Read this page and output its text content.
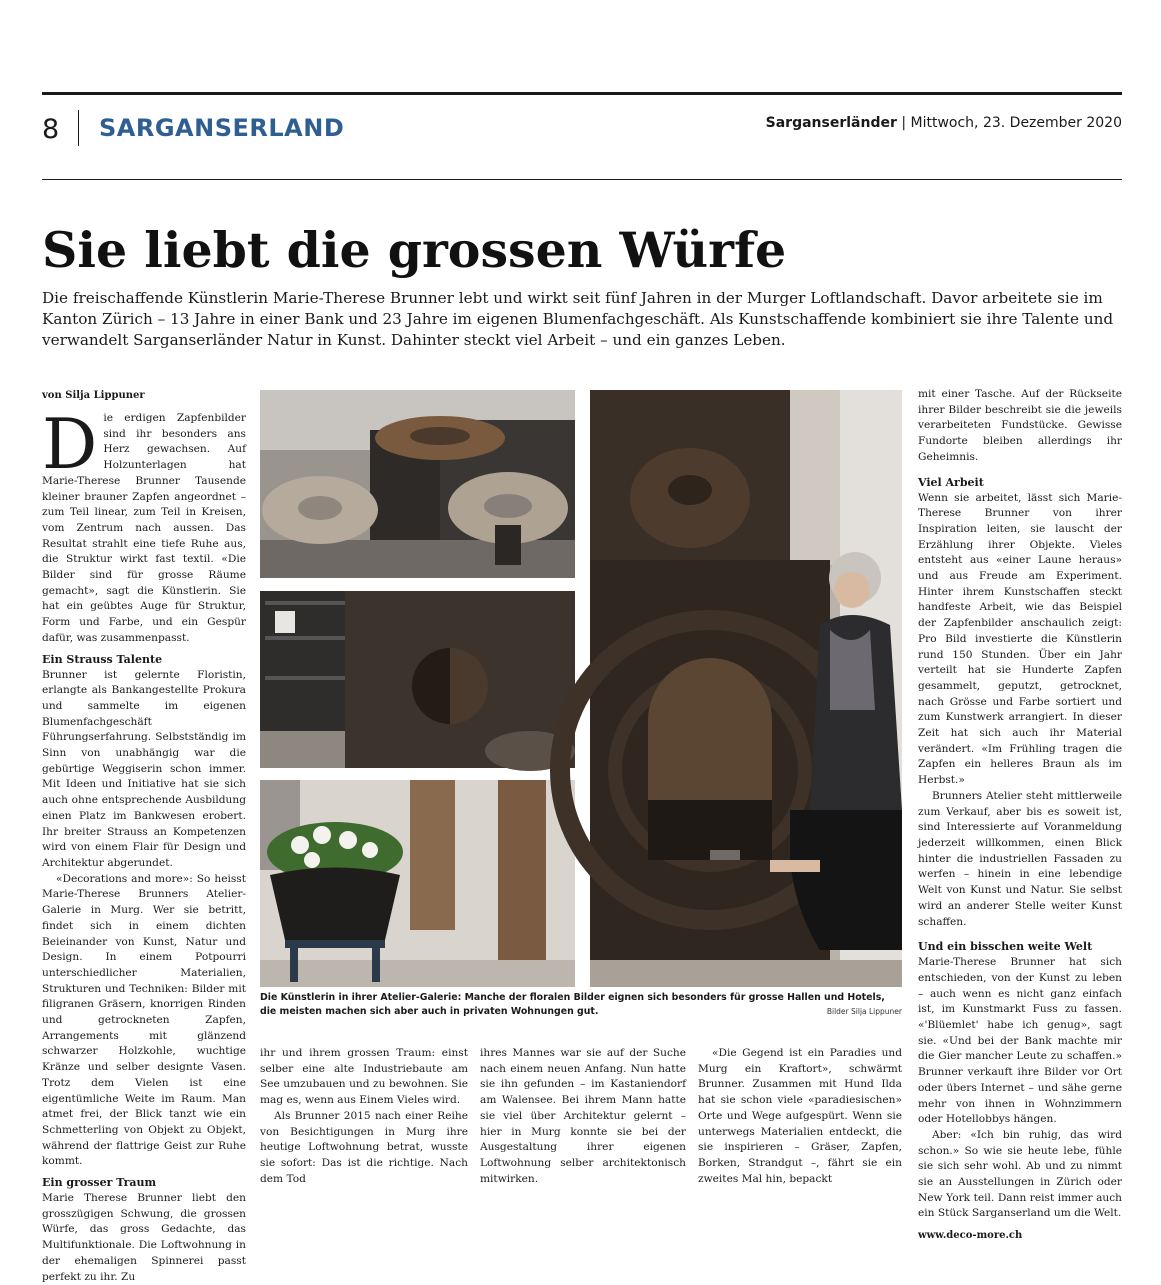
8 SARGANSERLAND	Sarganserländer | Mittwoch, 23. Dezember 2020
Sie liebt die grossen Würfe
Die freischaffende Künstlerin Marie-Therese Brunner lebt und wirkt seit fünf Jahren in der Murger Loftlandschaft. Davor arbeitete sie im Kanton Zürich – 13 Jahre in einer Bank und 23 Jahre im eigenen Blumenfachgeschäft. Als Kunstschaffende kombiniert sie ihre Talente und verwandelt Sarganserländer Natur in Kunst. Dahinter steckt viel Arbeit – und ein ganzes Leben.
von Silja Lippuner

Die erdigen Zapfenbilder sind ihr besonders ans Herz gewachsen. Auf Holzunterlagen hat Marie-Therese Brunner Tausende kleiner brauner Zapfen angeordnet – zum Teil linear, zum Teil in Kreisen, vom Zentrum nach aussen. Das Resultat strahlt eine tiefe Ruhe aus, die Struktur wirkt fast textil. «Die Bilder sind für grosse Räume gemacht», sagt die Künstlerin. Sie hat ein geübtes Auge für Struktur, Form und Farbe, und ein Gespür dafür, was zusammenpasst.

Ein Strauss Talente

Brunner ist gelernte Floristin, erlangte als Bankangestellte Prokura und sammelte im eigenen Blumenfachgeschäft Führungserfahrung. Selbstständig im Sinn von unabhängig war die gebürtige Weggiserin schon immer. Mit Ideen und Initiative hat sie sich auch ohne entsprechende Ausbildung einen Platz im Bankwesen erobert. Ihr breiter Strauss an Kompetenzen wird von einem Flair für Design und Architektur abgerundet.

«Decorations and more»: So heisst Marie-Therese Brunners Atelier-Galerie in Murg. Wer sie betritt, findet sich in einem dichten Beieinander von Kunst, Natur und Design. In einem Potpourri unterschiedlicher Materialien, Strukturen und Techniken: Bilder mit filigranen Gräsern, knorrigen Rinden und getrockneten Zapfen, Arrangements mit glänzend schwarzer Holzkohle, wuchtige Kränze und selber designte Vasen. Trotz dem Vielen ist eine eigentümliche Weite im Raum. Man atmet frei, der Blick tanzt wie ein Schmetterling von Objekt zu Objekt, während der flattrige Geist zur Ruhe kommt.

Ein grosser Traum

Marie Therese Brunner liebt den grosszügigen Schwung, die grossen Würfe, das gross Gedachte, das Multifunktionale. Die Loftwohnung in der ehemaligen Spinnerei passt perfekt zu ihr. Zu

Die Künstlerin in ihrer Atelier-Galerie: Manche der floralen Bilder eignen sich besonders für grosse Hallen und Hotels, die meisten machen sich aber auch in privaten Wohnungen gut.	Bilder Silja Lippuner

ihr und ihrem grossen Traum: einst selber eine alte Industriebaute am See umzubauen und zu bewohnen. Sie mag es, wenn aus Einem Vieles wird.

Als Brunner 2015 nach einer Reihe von Besichtigungen in Murg ihre heutige Loftwohnung betrat, wusste sie sofort: Das ist die richtige. Nach dem Tod

ihres Mannes war sie auf der Suche nach einem neuen Anfang. Nun hatte sie ihn gefunden – im Kastaniendorf am Walensee. Bei ihrem Mann hatte sie viel über Architektur gelernt – hier in Murg konnte sie bei der Ausgestaltung ihrer eigenen Loftwohnung selber architektonisch mitwirken.

«Die Gegend ist ein Paradies und Murg ein Kraftort», schwärmt Brunner. Zusammen mit Hund Ilda hat sie schon viele «paradiesischen» Orte und Wege aufgespürt. Wenn sie unterwegs Materialien entdeckt, die sie inspirieren – Gräser, Zapfen, Borken, Strandgut –, fährt sie ein zweites Mal hin, bepackt

mit einer Tasche. Auf der Rückseite ihrer Bilder beschreibt sie die jeweils verarbeiteten Fundstücke. Gewisse Fundorte bleiben allerdings ihr Geheimnis.

Viel Arbeit

Wenn sie arbeitet, lässt sich Marie-Therese Brunner von ihrer Inspiration leiten, sie lauscht der Erzählung ihrer Objekte. Vieles entsteht aus «einer Laune heraus» und aus Freude am Experiment. Hinter ihrem Kunstschaffen steckt handfeste Arbeit, wie das Beispiel der Zapfenbilder anschaulich zeigt: Pro Bild investierte die Künstlerin rund 150 Stunden. Über ein Jahr verteilt hat sie Hunderte Zapfen gesammelt, geputzt, getrocknet, nach Grösse und Farbe sortiert und zum Kunstwerk arrangiert. In dieser Zeit hat sich auch ihr Material verändert. «Im Frühling tragen die Zapfen ein helleres Braun als im Herbst.»

Brunners Atelier steht mittlerweile zum Verkauf, aber bis es soweit ist, sind Interessierte auf Voranmeldung jederzeit willkommen, einen Blick hinter die industriellen Fassaden zu werfen – hinein in eine lebendige Welt von Kunst und Natur. Sie selbst wird an anderer Stelle weiter Kunst schaffen.

Und ein bisschen weite Welt

Marie-Therese Brunner hat sich entschieden, von der Kunst zu leben – auch wenn es nicht ganz einfach ist, im Kunstmarkt Fuss zu fassen. «'Blüemlet' habe ich genug», sagt sie. «Und bei der Bank machte mir die Gier mancher Leute zu schaffen.» Brunner verkauft ihre Bilder vor Ort oder übers Internet – und sähe gerne mehr von ihnen in Wohnzimmern oder Hotellobbys hängen.

Aber: «Ich bin ruhig, das wird schon.» So wie sie heute lebe, fühle sie sich sehr wohl. Ab und zu nimmt sie an Ausstellungen in Zürich oder New York teil. Dann reist immer auch ein Stück Sarganserland um die Welt.

www.deco-more.ch
